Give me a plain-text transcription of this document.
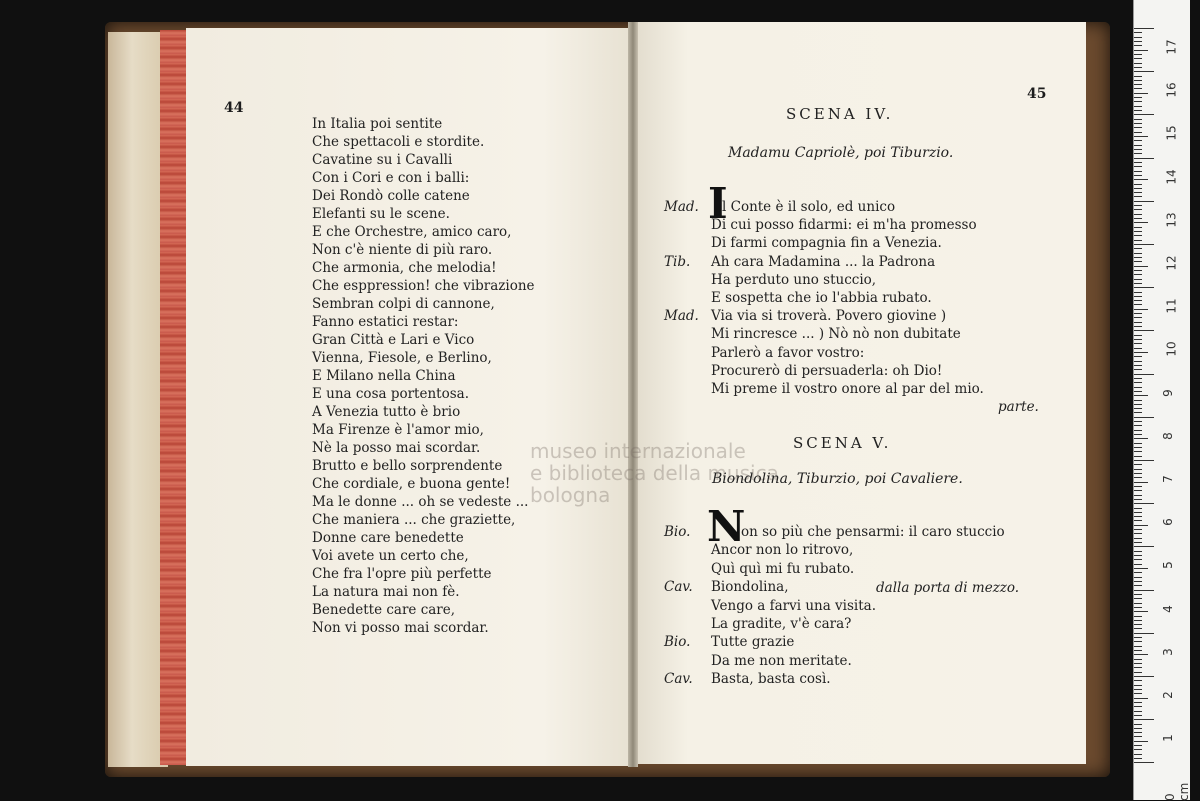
44
In Italia poi sentite
Che spettacoli e stordite.
Cavatine su i Cavalli
Con i Cori e con i balli:
Dei Rondò colle catene
Elefanti su le scene.
E che Orchestre, amico caro,
Non c'è niente di più raro.
Che armonia, che melodia!
Che esppression! che vibrazione
Sembran colpi di cannone,
Fanno estatici restar:
Gran Città e Lari e Vico
Vienna, Fiesole, e Berlino,
E Milano nella China
E una cosa portentosa.
A Venezia tutto è brio
Ma Firenze è l'amor mio,
Nè la posso mai scordar.
Brutto e bello sorprendente
Che cordiale, e buona gente!
Ma le donne ... oh se vedeste ...
Che maniera ... che graziette,
Donne care benedette
Voi avete un certo che,
Che fra l'opre più perfette
La natura mai non fè.
Benedette care care,
Non vi posso mai scordar.
museo internazionale
e biblioteca della musica
bologna
45
SCENA IV.
Madamu Capriolè, poi Tiburzio.
I
Mad. l Conte è il solo, ed unico
Di cui posso fidarmi: ei m'ha promesso
Di farmi compagnia fin a Venezia.
Tib. Ah cara Madamina ... la Padrona
Ha perduto uno stuccio,
E sospetta che io l'abbia rubato.
Mad. Via via si troverà. Povero giovine )
Mi rincresce ... ) Nò nò non dubitate
Parlerò a favor vostro:
Procurerò di persuaderla: oh Dio!
Mi preme il vostro onore al par del mio.
parte.
SCENA V.
Biondolina, Tiburzio, poi Cavaliere.
N
Bio.	on so più che pensarmi: il caro stuccio
Ancor non lo ritrovo,
Quì quì mi fu rubato.
Cav. Biondolina,
Vengo a farvi una visita.
La gradite, v'è cara?
Bio. Tutte grazie
Da me non meritate.
Cav. Basta, basta così.
dalla porta di mezzo.
17
16
15
14
13
12
11
10
9
8
7
6
5
4
3
2
1
0 cm
